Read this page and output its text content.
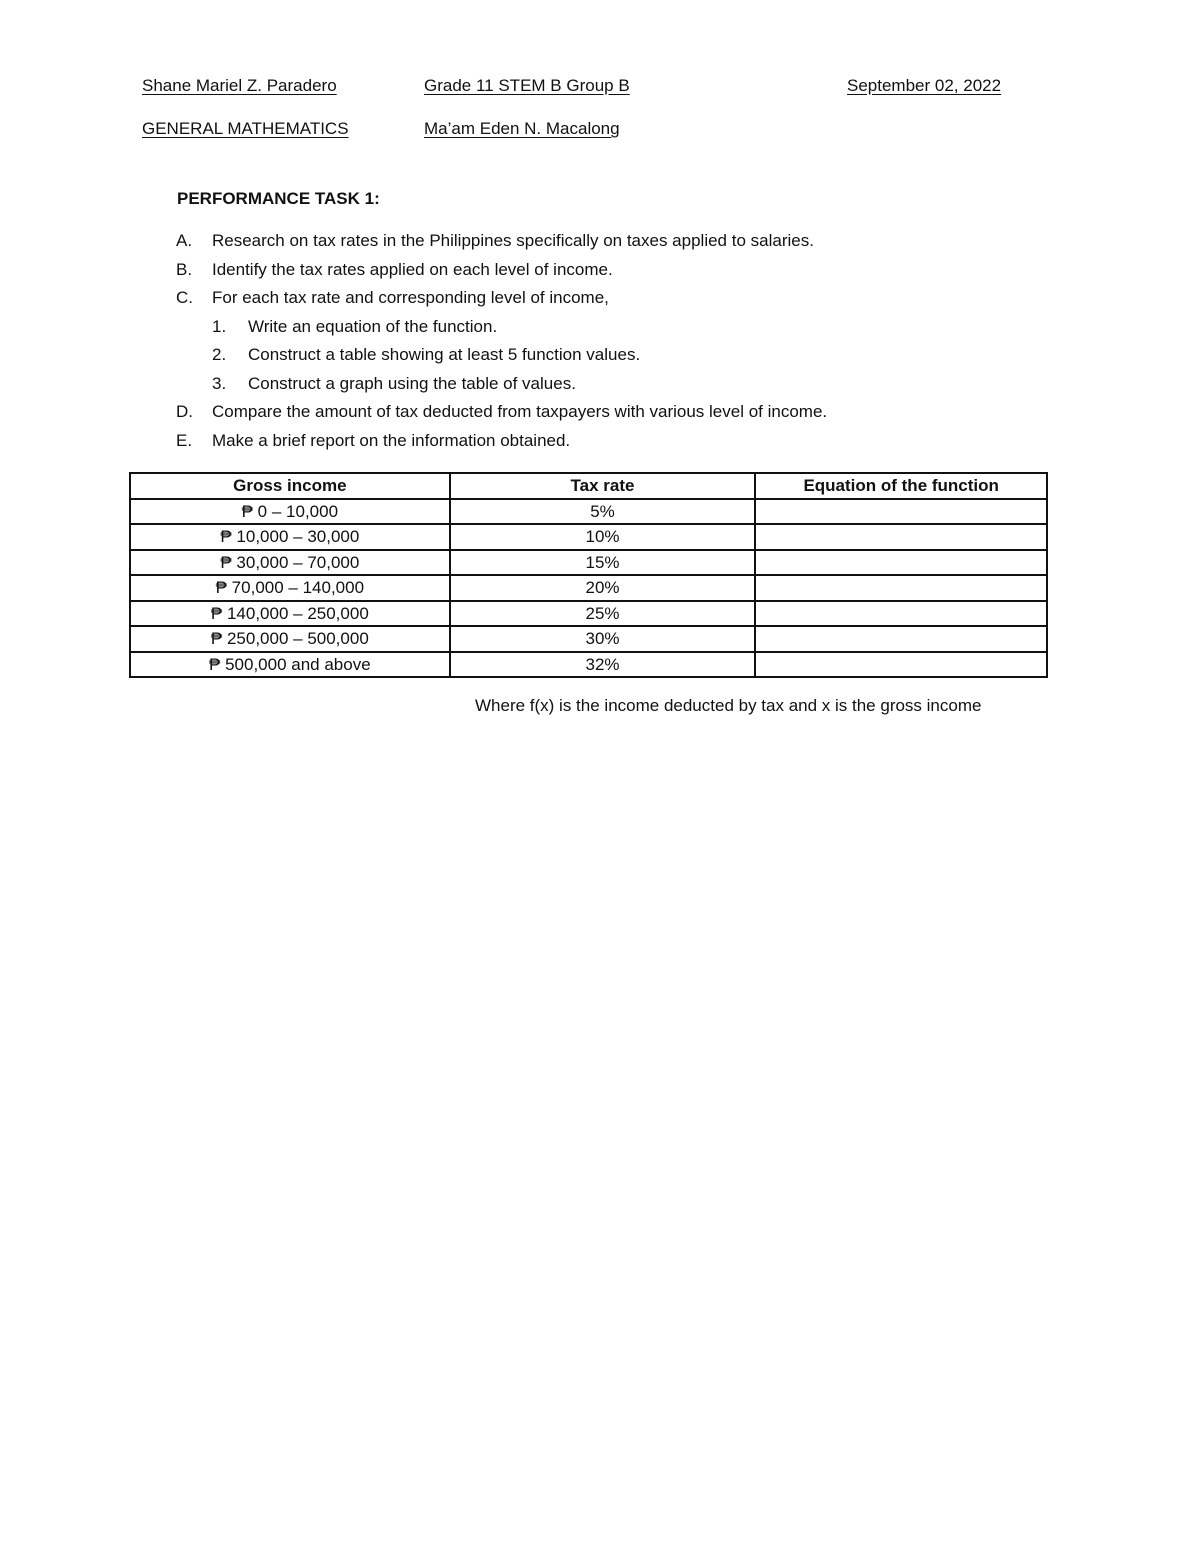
Shane Mariel Z. Paradero	Grade 11 STEM B Group B	September 02, 2022
GENERAL MATHEMATICS	Ma’am Eden N. Macalong
PERFORMANCE TASK 1:
A. Research on tax rates in the Philippines specifically on taxes applied to salaries.
B. Identify the tax rates applied on each level of income.
C. For each tax rate and corresponding level of income,
1. Write an equation of the function.
2. Construct a table showing at least 5 function values.
3. Construct a graph using the table of values.
D. Compare the amount of tax deducted from taxpayers with various level of income.
E. Make a brief report on the information obtained.
Gross income	Tax rate	Equation of the function
₱ 0 – 10,000	5%	
₱ 10,000 – 30,000	10%	
₱ 30,000 – 70,000	15%	
₱ 70,000 – 140,000	20%	
₱ 140,000 – 250,000	25%	
₱ 250,000 – 500,000	30%	
₱ 500,000 and above	32%	
Where f(x) is the income deducted by tax and x is the gross income
